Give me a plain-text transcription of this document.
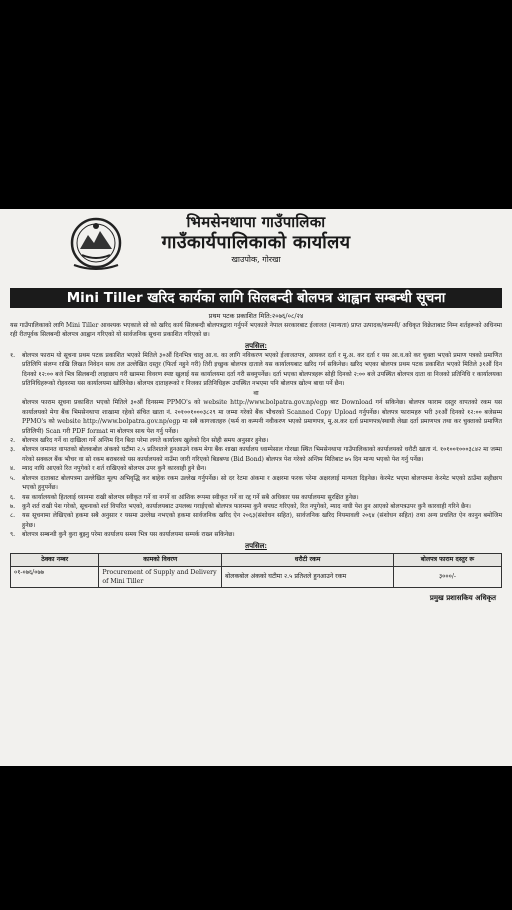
भिमसेनथापा गाउँपालिका
गाउँकार्यपालिकाको कार्यालय
खाउपोक, गोरखा
Mini Tiller खरिद कार्यका लागि सिलबन्दी बोलपत्र आह्वान सम्बन्धी सूचना
प्रथम पटक प्रकाशित मिति:२०७६/०८/२४
यस गाउँपालिकाको लागि Mini Tiller आवश्यक भएकाले सो को खरिद कार्य सिलबन्दी बोलपत्रद्वारा गर्नुपर्ने भएकाले नेपाल सरकारबाट ईजाजत (मान्यता) प्राप्त उत्पादक/कम्पनी/ अधिकृत विक्रेताबाट निम्न शर्तहरूको अधिनमा रही रीतपूर्वक सिलबन्दी बोलपत्र आह्वान गरिएको यो सार्वजनिक सूचना प्रकाशित गरिएको छ।
तपसिल:
१.	बोलपत्र फाराम यो सूचना प्रथम पटक प्रकाशित भएको मितिले ३०औं दिनभित्र चालु आ.व. का लागि नविकरण भएको ईजाजतपत्र, आयकर दर्ता र मू.अ. कर दर्ता र यस आ.व.को कर चुक्ता भएको प्रमाण पत्रको प्रमाणित प्रतिलिपि संलग्न राखि लिखत निवेदन साथ तल उल्लेखित दस्तुर (फिर्ता नहुने गरी) तिरी इच्छुक बोलपत्र दाताले यस कार्यालयबाट खरिद गर्न सकिनेछ। खरिद भएका बोलपत्र प्रथम पटक प्रकाशित भएको मितिले ३१औं दिन दिनको १२:०० बजे भित्र सिलबन्दी लाहाछाप गरी खाममा विवरण स्पष्ट खुलाई यस कार्यालयमा दर्ता गरी सक्नुपर्नेछ। दर्ता भएका बोलपत्रहरू सोही दिनको २:०० बजे उपस्थित बोलपत्र दाता वा निजको प्रतिनिधि र कार्यालयका प्रतिनिधिहरूको रोहवरमा यस कार्यालयमा खोलिनेछ। बोलपत्र दाताहरूको र निजका प्रतिनिधिहरू उपस्थित नभएमा पनि बोलपत्र खोल्न बाधा पर्ने छैन।
वा
बोलपत्र फाराम सूचना प्रकाशित भएको मितिले ३०औं दिनसम्म PPMO's को website http://www.bolpatra.gov.np/egp बाट Download गर्न सकिनेछ। बोलपत्र फाराम दस्तुर वापतको रकम यस कार्यालयको मेगा बैंक भिमसेनथापा शाखामा रहेको संचित खाता नं. २०१००१०००३८२९ मा जम्मा गरेको बैंक भौचरको Scanned Copy Upload गर्नुपर्नेछ। बोलपत्र फारामहरु भरी ३१औं दिनको १२:०० बजेसम्म PPMO's को website http://www.bolpatra.gov.np/egp मा सबै कागजातहरु (फर्म वा कम्पनी नवीकरण भएको प्रमाणपत्र, मू.अ.कर दर्ता प्रमाणपत्र/स्थायी लेखा दर्ता प्रमाणपत्र तथा कर चुक्ताको प्रमाणित प्रतिलिपी) Scan गरी PDF format मा बोलपत्र साथ पेश गर्नु पर्नेछ।
२.	बोलपत्र खरिद गर्ने वा दाखिला गर्ने अन्तिम दिन बिदा परेमा लगते कार्यालय खुलेको दिन सोही समय अनुसार हुनेछ।
३.	बोलपत्र जमानत वापतको बोलकबोल अंकको घटीमा २.५ प्रतिशतले हुनआउने रकम मेगा बैंक शाखा कार्यालय ध्वाम्पेसाल गोरखा स्थित भिमसेनथापा गाउँपालिकाको कार्यालयको धरौटी खाता नं. १०१००१०००३८४२ मा जम्मा गरेको सक्कल बैंक भौचर वा सो रकम बराबरको यस कार्यालयको नाउँमा जारी गरिएको बिडबण्ड (Bid Bond) बोलपत्र पेश गरेको अन्तिम मितिबाट ७५ दिन मान्य भएको पेश गर्नु पर्नेछ।
४.	म्याद नाघि आएको रित नपुगेको र शर्त राखिएको बोलपत्र उपर कुनै कारवाही हुने छैन।
५.	बोलपत्र दाताबाट बोलपत्रमा उल्लेखित मूल्य अभिवृद्धि कर बाहेक रकम उल्लेख गर्नुपर्नेछ। सो दर रेटमा अंकमा र अक्षरमा फरक परेमा अक्षरलाई मान्यता दिइनेछ। केरमेट भएमा बोलपत्रमा केरमेट भएको ठाउँमा सहीछाप भएको हुनुपर्नेछ।
६.	यस कार्यालयको हितलाई ध्यानमा राखी बोलपत्र स्वीकृत गर्ने वा नगर्ने वा आंशिक रूपमा स्वीकृत गर्ने वा रद्द गर्ने सबै अधिकार यस कार्यालयमा सुरक्षित हुनेछ।
७.	कुनै शर्त राखी पेश गरेको, सूचनाको शर्त विपरित भएको, कार्यालयबाट उपलब्ध गराईएको बोलपत्र फारममा कुनै थपघट गरिएको, रित नपुगेको, म्याद नाघी पेश हुन आएको बोलपत्रउपर कुनै कारवाही गरिने छैन।
८.	यस सूचनामा लेखिएको हकमा सबै अनुसार र यसमा उल्लेख नभएको हकमा सार्वजनिक खरिद ऐन २०६३(संशोधन सहित), सार्वजनिक खरिद नियमावली २०६४ (संशोधन सहित) तथा अन्य प्रचलित ऐन कानुन बमोजिम हुनेछ।
९.	बोलपत्र सम्बन्धी कुनै कुरा बुझ्नु परेमा कार्यालय समय भित्र यस कार्यालयमा सम्पर्क राख्न सकिनेछ।
तपसिल:
ठेक्का नम्बर	कामको विवरण	धरौटी रकम	बोलपत्र फाराम दस्तुर रू
०१-०७६/०७७	Procurement of Supply and Delivery of Mini Tiller	बोलकबोल अंकको घटीमा २.५ प्रतिशले हुनआउने रकम	३०००/-
प्रमुख प्रशासकिय अधिकृत
